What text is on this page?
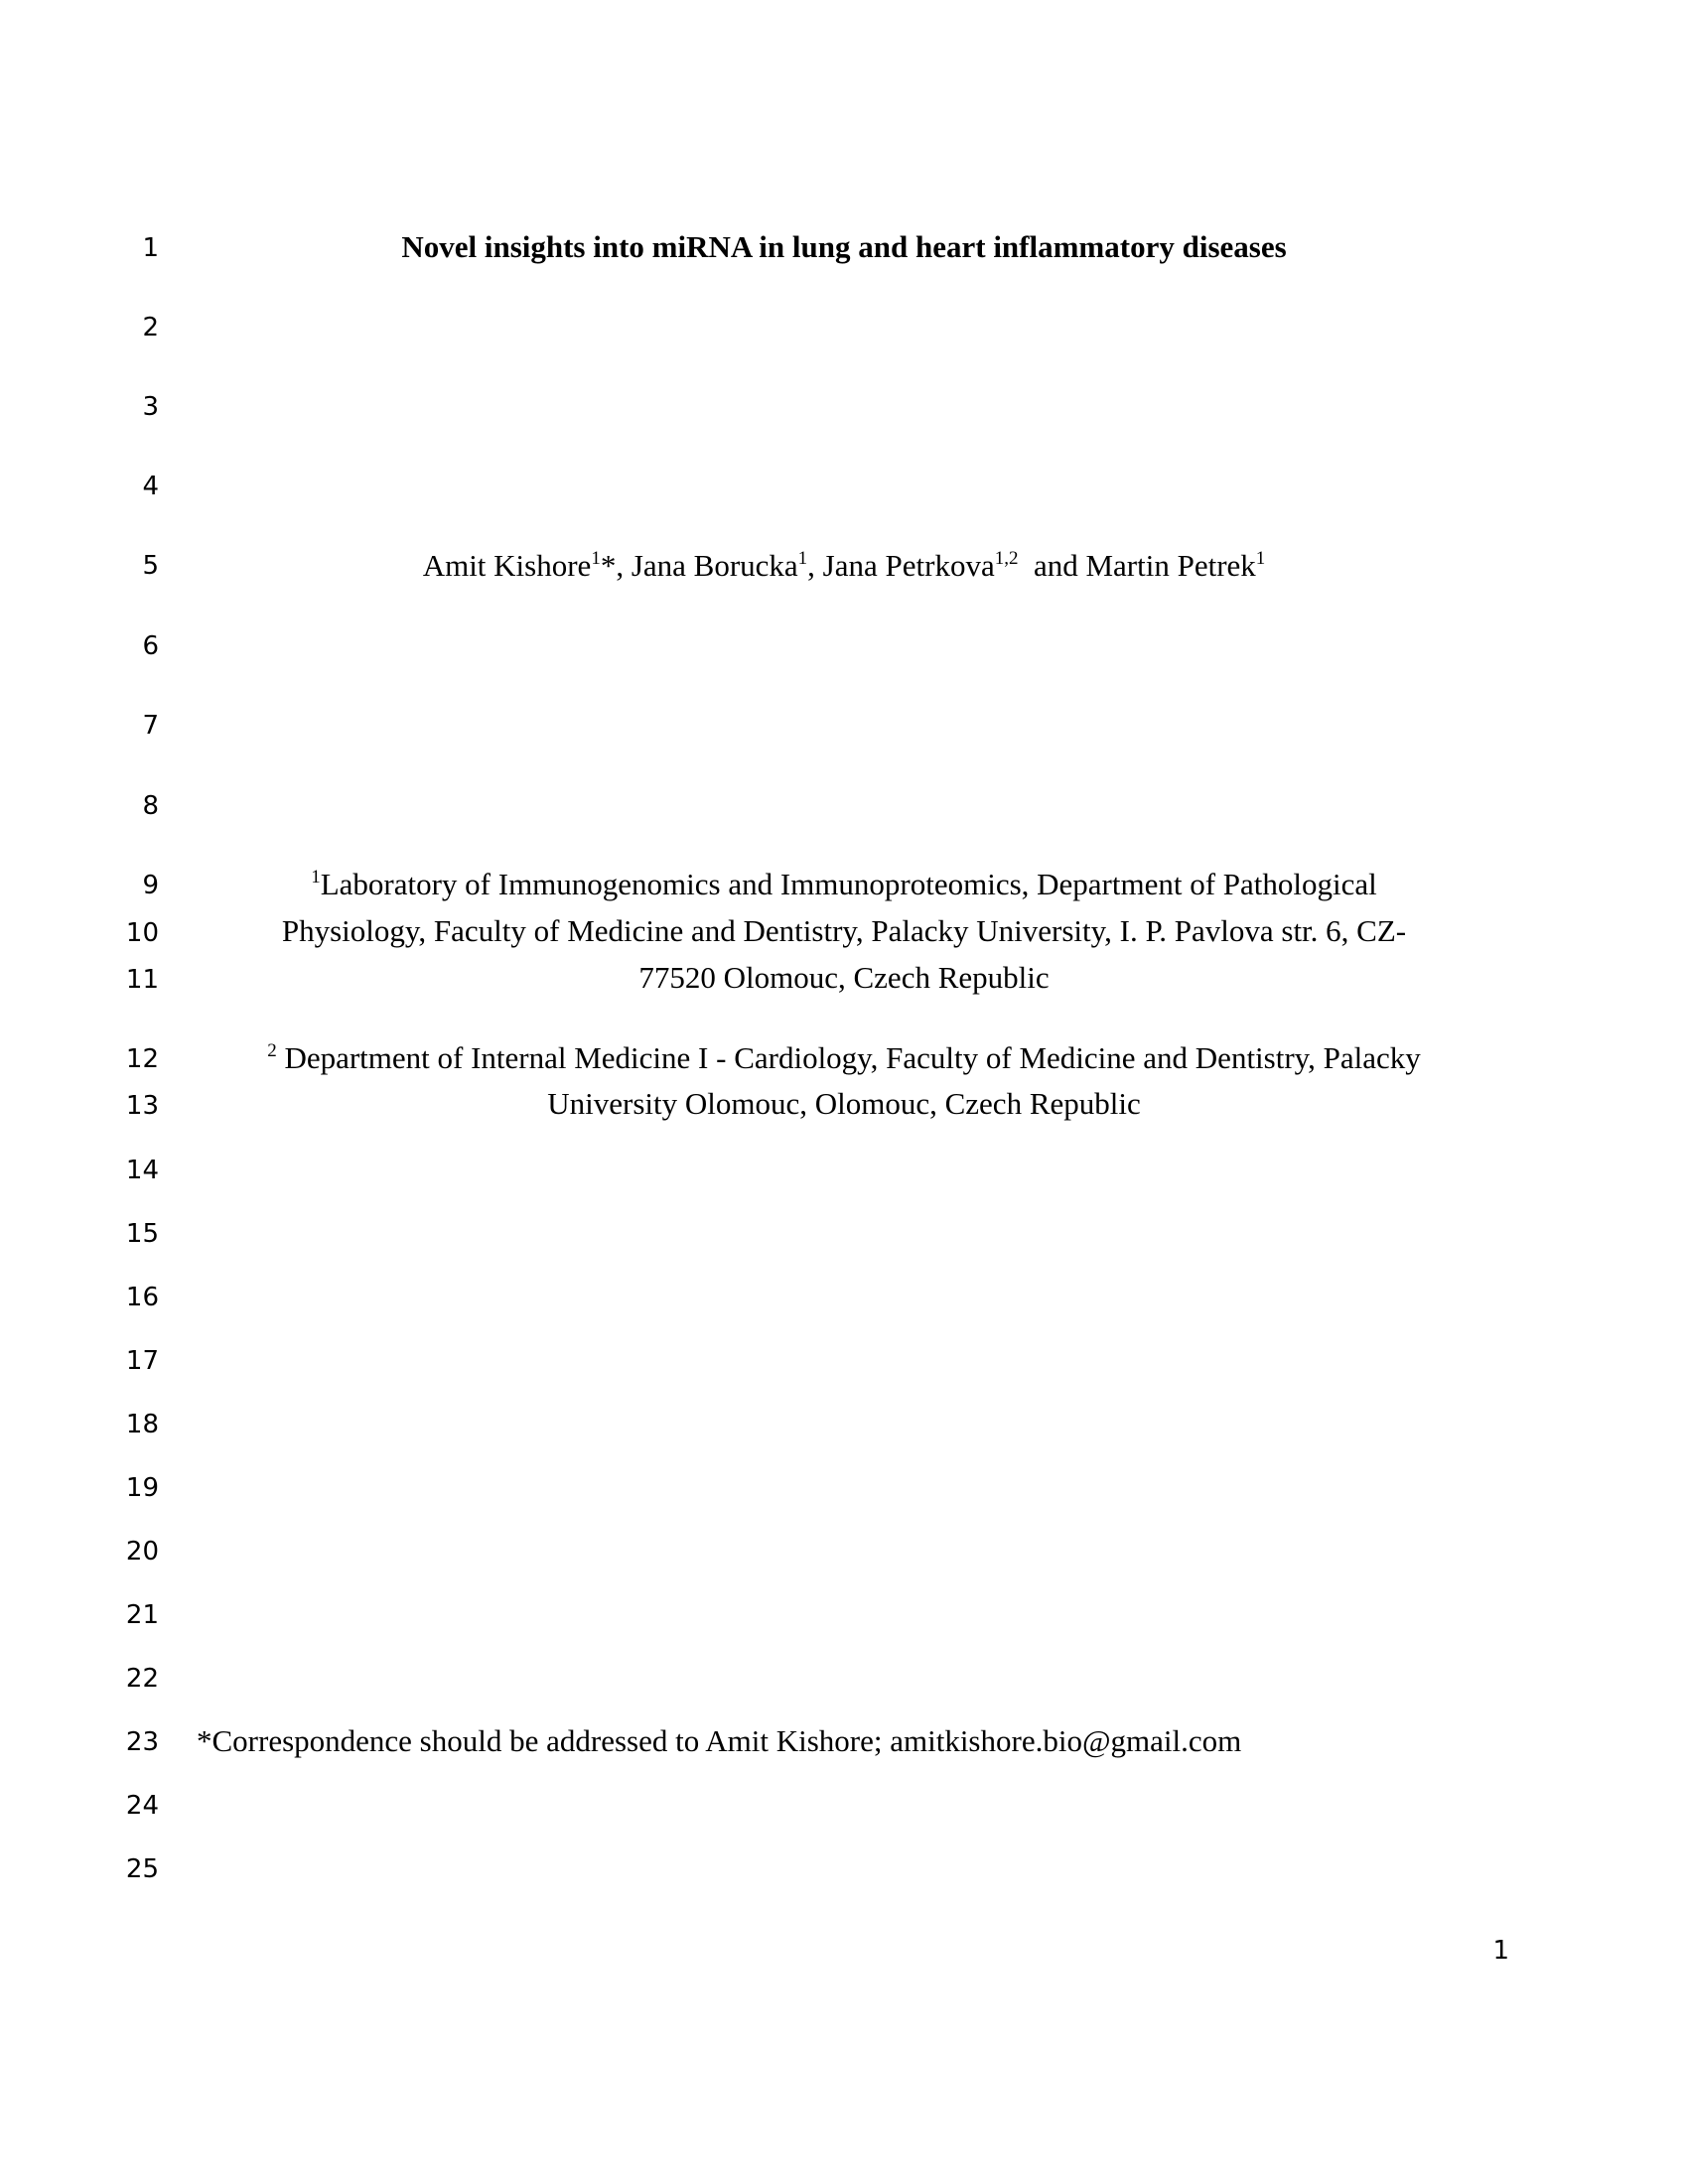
1
2
3
4
5
6
7
8
9
10
11
12
13
14
15
16
17
18
19
20
21
22
23
24
25
Novel insights into miRNA in lung and heart inflammatory diseases
Amit Kishore$^1$*, Jana Borucka$^1$, Jana Petrkova$^{1,2}$  and Martin Petrek$^1$
$^1$Laboratory of Immunogenomics and Immunoproteomics, Department of Pathological
Physiology, Faculty of Medicine and Dentistry, Palacky University, I. P. Pavlova str. 6, CZ-
77520 Olomouc, Czech Republic
$^2$ Department of Internal Medicine I - Cardiology, Faculty of Medicine and Dentistry, Palacky
University Olomouc, Olomouc, Czech Republic
*Correspondence should be addressed to Amit Kishore; amitkishore.bio@gmail.com
1
